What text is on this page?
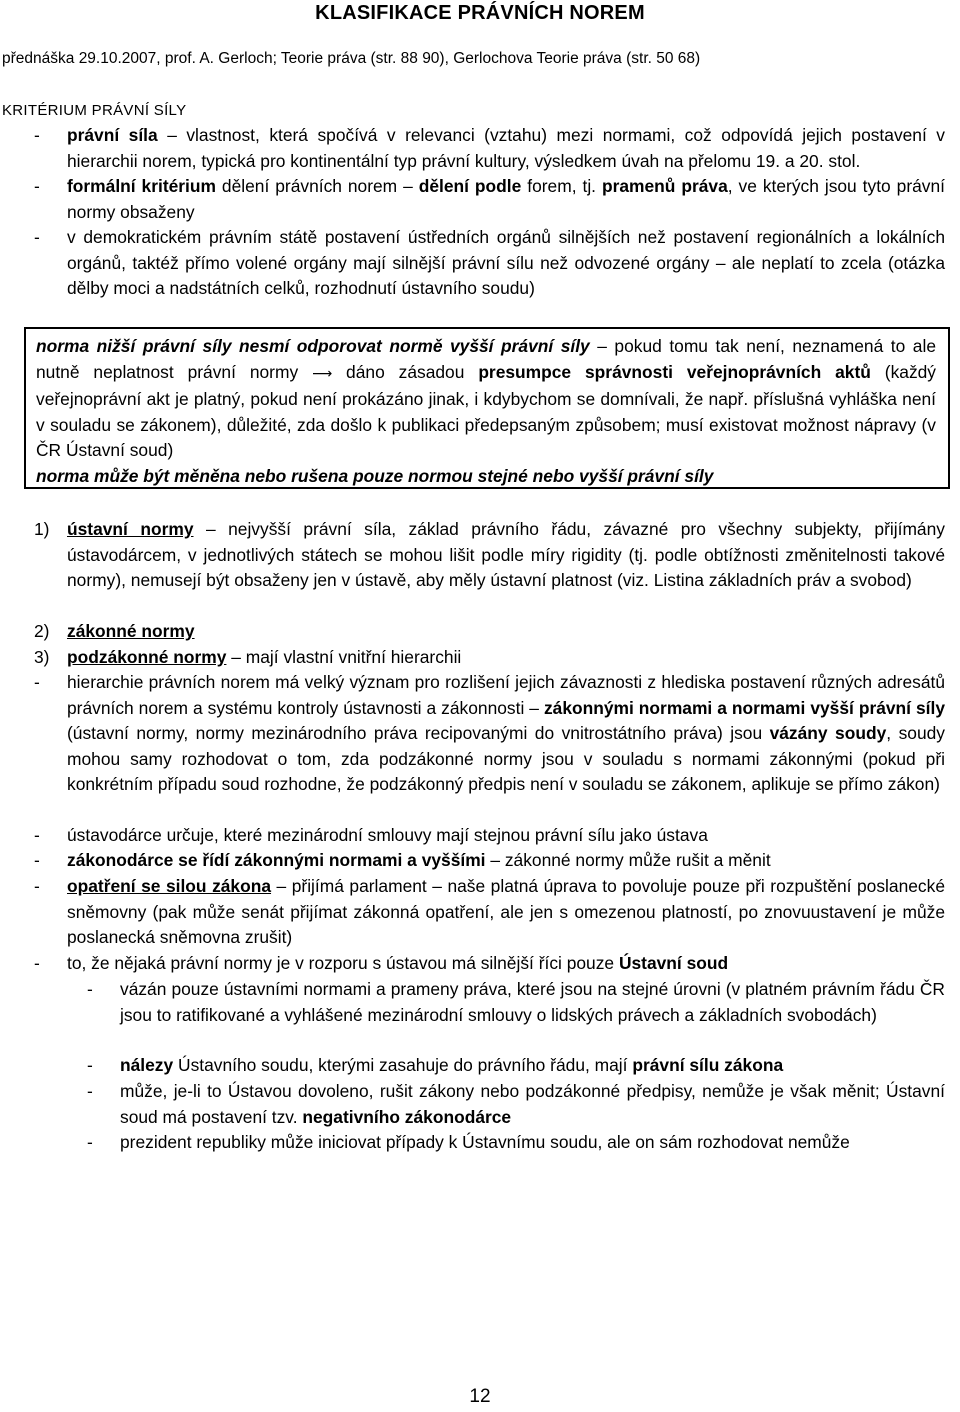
KLASIFIKACE PRÁVNÍCH NOREM
přednáška 29.10.2007, prof. A. Gerloch; Teorie práva (str. 88 90), Gerlochova Teorie práva (str. 50 68)
KRITÉRIUM PRÁVNÍ SÍLY
- právní síla – vlastnost, která spočívá v relevanci (vztahu) mezi normami, což odpovídá jejich postavení v hierarchii norem, typická pro kontinentální typ právní kultury, výsledkem úvah na přelomu 19. a 20. stol.
- formální kritérium dělení právních norem – dělení podle forem, tj. pramenů práva, ve kterých jsou tyto právní normy obsaženy
- v demokratickém právním státě postavení ústředních orgánů silnějších než postavení regionálních a lokálních orgánů, taktéž přímo volené orgány mají silnější právní sílu než odvozené orgány – ale neplatí to zcela (otázka dělby moci a nadstátních celků, rozhodnutí ústavního soudu)
norma nižší právní síly nesmí odporovat normě vyšší právní síly – pokud tomu tak není, neznamená to ale nutně neplatnost právní normy ⟶ dáno zásadou presumpce správnosti veřejnoprávních aktů (každý veřejnoprávní akt je platný, pokud není prokázáno jinak, i kdybychom se domnívali, že např. příslušná vyhláška není v souladu se zákonem), důležité, zda došlo k publikaci předepsaným způsobem; musí existovat možnost nápravy (v ČR Ústavní soud)
norma může být měněna nebo rušena pouze normou stejné nebo vyšší právní síly
1) ústavní normy – nejvyšší právní síla, základ právního řádu, závazné pro všechny subjekty, přijímány ústavodárcem, v jednotlivých státech se mohou lišit podle míry rigidity (tj. podle obtížnosti změnitelnosti takové normy), nemusejí být obsaženy jen v ústavě, aby měly ústavní platnost (viz. Listina základních práv a svobod)
2) zákonné normy
3) podzákonné normy – mají vlastní vnitřní hierarchii
- hierarchie právních norem má velký význam pro rozlišení jejich závaznosti z hlediska postavení různých adresátů právních norem a systému kontroly ústavnosti a zákonnosti – zákonnými normami a normami vyšší právní síly (ústavní normy, normy mezinárodního práva recipovanými do vnitrostátního práva) jsou vázány soudy, soudy mohou samy rozhodovat o tom, zda podzákonné normy jsou v souladu s normami zákonnými (pokud při konkrétním případu soud rozhodne, že podzákonný předpis není v souladu se zákonem, aplikuje se přímo zákon)
- ústavodárce určuje, které mezinárodní smlouvy mají stejnou právní sílu jako ústava
- zákonodárce se řídí zákonnými normami a vyššími – zákonné normy může rušit a měnit
- opatření se silou zákona – přijímá parlament – naše platná úprava to povoluje pouze při rozpuštění poslanecké sněmovny (pak může senát přijímat zákonná opatření, ale jen s omezenou platností, po znovuustavení je může poslanecká sněmovna zrušit)
- to, že nějaká právní normy je v rozporu s ústavou má silnější říci pouze Ústavní soud
- vázán pouze ústavními normami a prameny práva, které jsou na stejné úrovni (v platném právním řádu ČR jsou to ratifikované a vyhlášené mezinárodní smlouvy o lidských právech a základních svobodách)
- nálezy Ústavního soudu, kterými zasahuje do právního řádu, mají právní sílu zákona
- může, je-li to Ústavou dovoleno, rušit zákony nebo podzákonné předpisy, nemůže je však měnit; Ústavní soud má postavení tzv. negativního zákonodárce
- prezident republiky může iniciovat případy k Ústavnímu soudu, ale on sám rozhodovat nemůže
12
